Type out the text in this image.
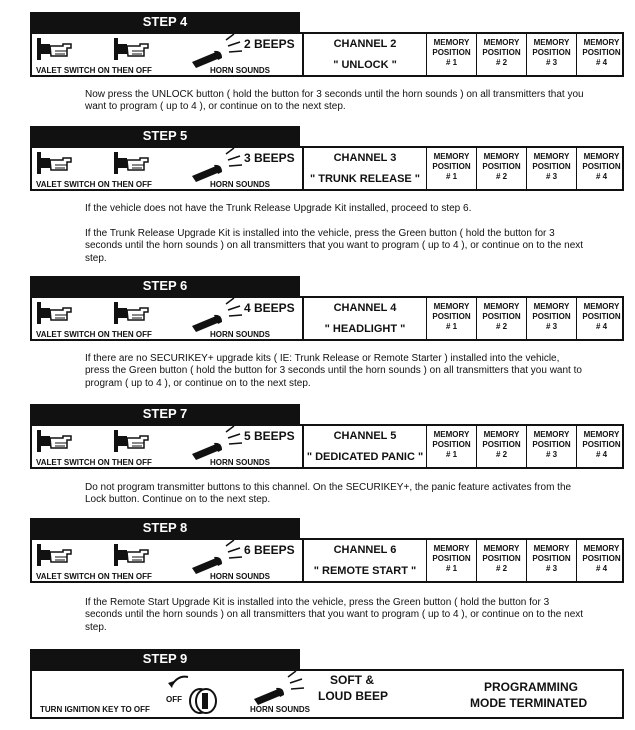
STEP 4
VALET SWITCH ON THEN OFF	HORN SOUNDS
2 BEEPS	CHANNEL 2
" UNLOCK "
MEMORY
POSITION
# 1
MEMORY
POSITION
# 2
MEMORY
POSITION
# 3
MEMORY
POSITION
# 4

Now press the UNLOCK button ( hold the button for 3 seconds until the horn sounds ) on all transmitters that you want to program ( up to 4 ), or continue on to the next step.

STEP 5
VALET SWITCH ON THEN OFF	HORN SOUNDS
3 BEEPS	CHANNEL 3
" TRUNK RELEASE "
MEMORY
POSITION
# 1
MEMORY
POSITION
# 2
MEMORY
POSITION
# 3
MEMORY
POSITION
# 4

If the vehicle does not have the Trunk Release Upgrade Kit installed, proceed to step 6.

If the Trunk Release Upgrade Kit is installed into the vehicle, press the Green button ( hold the button for 3 seconds until the horn sounds ) on all transmitters that you want to program ( up to 4 ), or continue on to the next step.

STEP 6
VALET SWITCH ON THEN OFF	HORN SOUNDS
4 BEEPS	CHANNEL 4
" HEADLIGHT "
MEMORY
POSITION
# 1
MEMORY
POSITION
# 2
MEMORY
POSITION
# 3
MEMORY
POSITION
# 4

If there are no SECURIKEY+ upgrade kits ( IE: Trunk Release or Remote Starter ) installed into the vehicle, press the Green button ( hold the button for 3 seconds until the horn sounds ) on all transmitters that you want to program ( up to 4 ), or continue on to the next step.

STEP 7
VALET SWITCH ON THEN OFF	HORN SOUNDS
5 BEEPS	CHANNEL 5
" DEDICATED PANIC "
MEMORY
POSITION
# 1
MEMORY
POSITION
# 2
MEMORY
POSITION
# 3
MEMORY
POSITION
# 4

Do not program transmitter buttons to this channel. On the SECURIKEY+, the panic feature activates from the Lock button. Continue on to the next step.

STEP 8
VALET SWITCH ON THEN OFF	HORN SOUNDS
6 BEEPS	CHANNEL 6
" REMOTE START "
MEMORY
POSITION
# 1
MEMORY
POSITION
# 2
MEMORY
POSITION
# 3
MEMORY
POSITION
# 4

If the Remote Start Upgrade Kit is installed into the vehicle, press the Green button ( hold the button for 3 seconds until the horn sounds ) on all transmitters that you want to program ( up to 4 ), or continue on to the next step.

STEP 9
OFF
TURN IGNITION KEY TO OFF	HORN SOUNDS
SOFT &
LOUD BEEP
PROGRAMMING
MODE TERMINATED
